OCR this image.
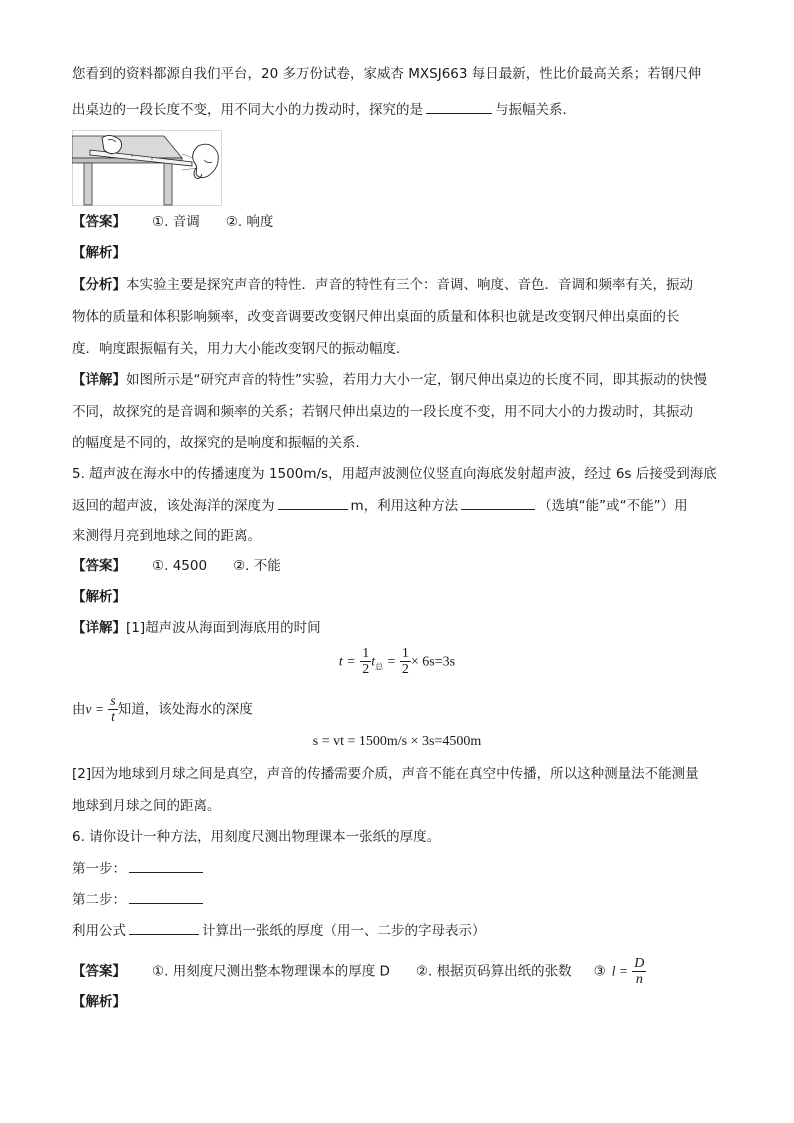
您看到的资料都源自我们平台，20 多万份试卷，家威杏 MXSJ663 每日最新，性比价最高关系；若钢尺伸
出桌边的一段长度不变，用不同大小的力拨动时，探究的是	与振幅关系．
【答案】 ①. 音调 ②. 响度
【解析】
【分析】本实验主要是探究声音的特性．声音的特性有三个：音调、响度、音色．音调和频率有关，振动
物体的质量和体积影响频率，改变音调要改变钢尺伸出桌面的质量和体积也就是改变钢尺伸出桌面的长
度．响度跟振幅有关，用力大小能改变钢尺的振动幅度．
【详解】如图所示是“研究声音的特性”实验，若用力大小一定，钢尺伸出桌边的长度不同，即其振动的快慢
不同，故探究的是音调和频率的关系；若钢尺伸出桌边的一段长度不变，用不同大小的力拨动时，其振动
的幅度是不同的，故探究的是响度和振幅的关系．
5. 超声波在海水中的传播速度为 1500m/s，用超声波测位仪竖直向海底发射超声波，经过 6s 后接受到海底
返回的超声波，该处海洋的深度为	m，利用这种方法	（选填“能”或“不能”）用
来测得月亮到地球之间的距离。
【答案】 ①. 4500 ②. 不能
【解析】
【详解】[1]超声波从海面到海底用的时间
$t = \frac{1}{2} t_总 = \frac{1}{2} \times 6s=3s$
由$v = \frac{s}{t}$ 知道，该处海水的深度
s = vt = 1500m/s × 3s=4500m
[2]因为地球到月球之间是真空，声音的传播需要介质，声音不能在真空中传播，所以这种测量法不能测量
地球到月球之间的距离。
6. 请你设计一种方法，用刻度尺测出物理课本一张纸的厚度。
第一步：
第二步：
利用公式	计算出一张纸的厚度（用一、二步的字母表示）
【答案】 ①. 用刻度尺测出整本物理课本的厚度 D ②. 根据页码算出纸的张数 ③ $l = \frac{D}{n}$
【解析】
